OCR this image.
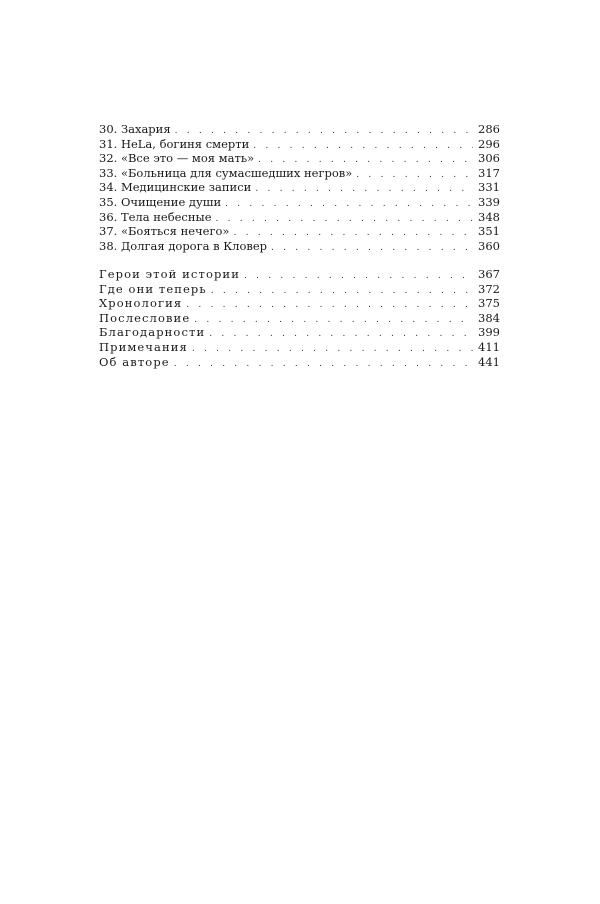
30. Захария . . .	286
31. HeLa, богиня смерти . . .	296
32. «Все это — моя мать» . . .	306
33. «Больница для сумасшедших негров» . . .	317
34. Медицинские записи . . .	331
35. Очищение души . . .	339
36. Тела небесные . . .	348
37. «Бояться нечего» . . .	351
38. Долгая дорога в Кловер . . .	360
Герои этой истории . . .	367
Где они теперь . . .	372
Хронология . . .	375
Послесловие . . .	384
Благодарности . . .	399
Примечания . . .	411
Об авторе . . .	441
